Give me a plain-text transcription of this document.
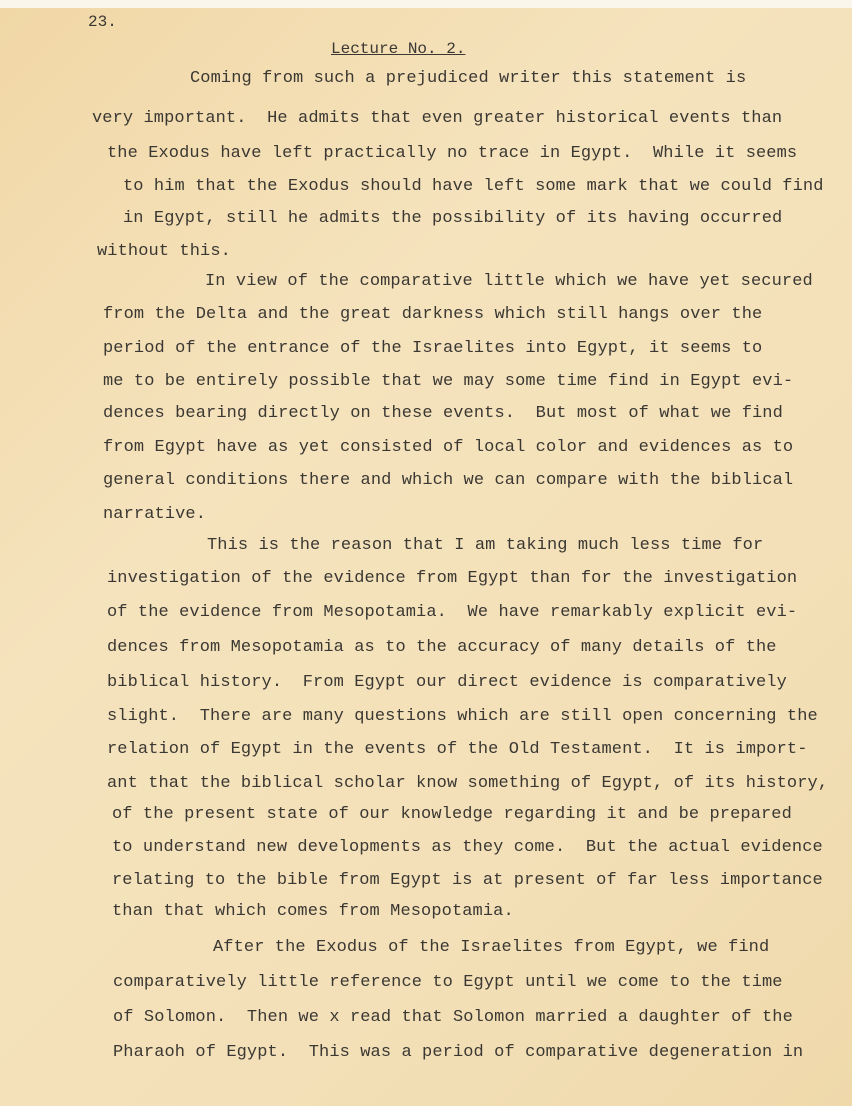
23.
Lecture No. 2.
Coming from such a prejudiced writer this statement is
very important.  He admits that even greater historical events than
the Exodus have left practically no trace in Egypt.  While it seems
to him that the Exodus should have left some mark that we could find
in Egypt, still he admits the possibility of its having occurred
without this.
In view of the comparative little which we have yet secured
from the Delta and the great darkness which still hangs over the
period of the entrance of the Israelites into Egypt, it seems to
me to be entirely possible that we may some time find in Egypt evi-
dences bearing directly on these events.  But most of what we find
from Egypt have as yet consisted of local color and evidences as to
general conditions there and which we can compare with the biblical
narrative.
This is the reason that I am taking much less time for
investigation of the evidence from Egypt than for the investigation
of the evidence from Mesopotamia.  We have remarkably explicit evi-
dences from Mesopotamia as to the accuracy of many details of the
biblical history.  From Egypt our direct evidence is comparatively
slight.  There are many questions which are still open concerning the
relation of Egypt in the events of the Old Testament.  It is import-
ant that the biblical scholar know something of Egypt, of its history,
of the present state of our knowledge regarding it and be prepared
to understand new developments as they come.  But the actual evidence
relating to the bible from Egypt is at present of far less importance
than that which comes from Mesopotamia.
After the Exodus of the Israelites from Egypt, we find
comparatively little reference to Egypt until we come to the time
of Solomon.  Then we x read that Solomon married a daughter of the
Pharaoh of Egypt.  This was a period of comparative degeneration in
